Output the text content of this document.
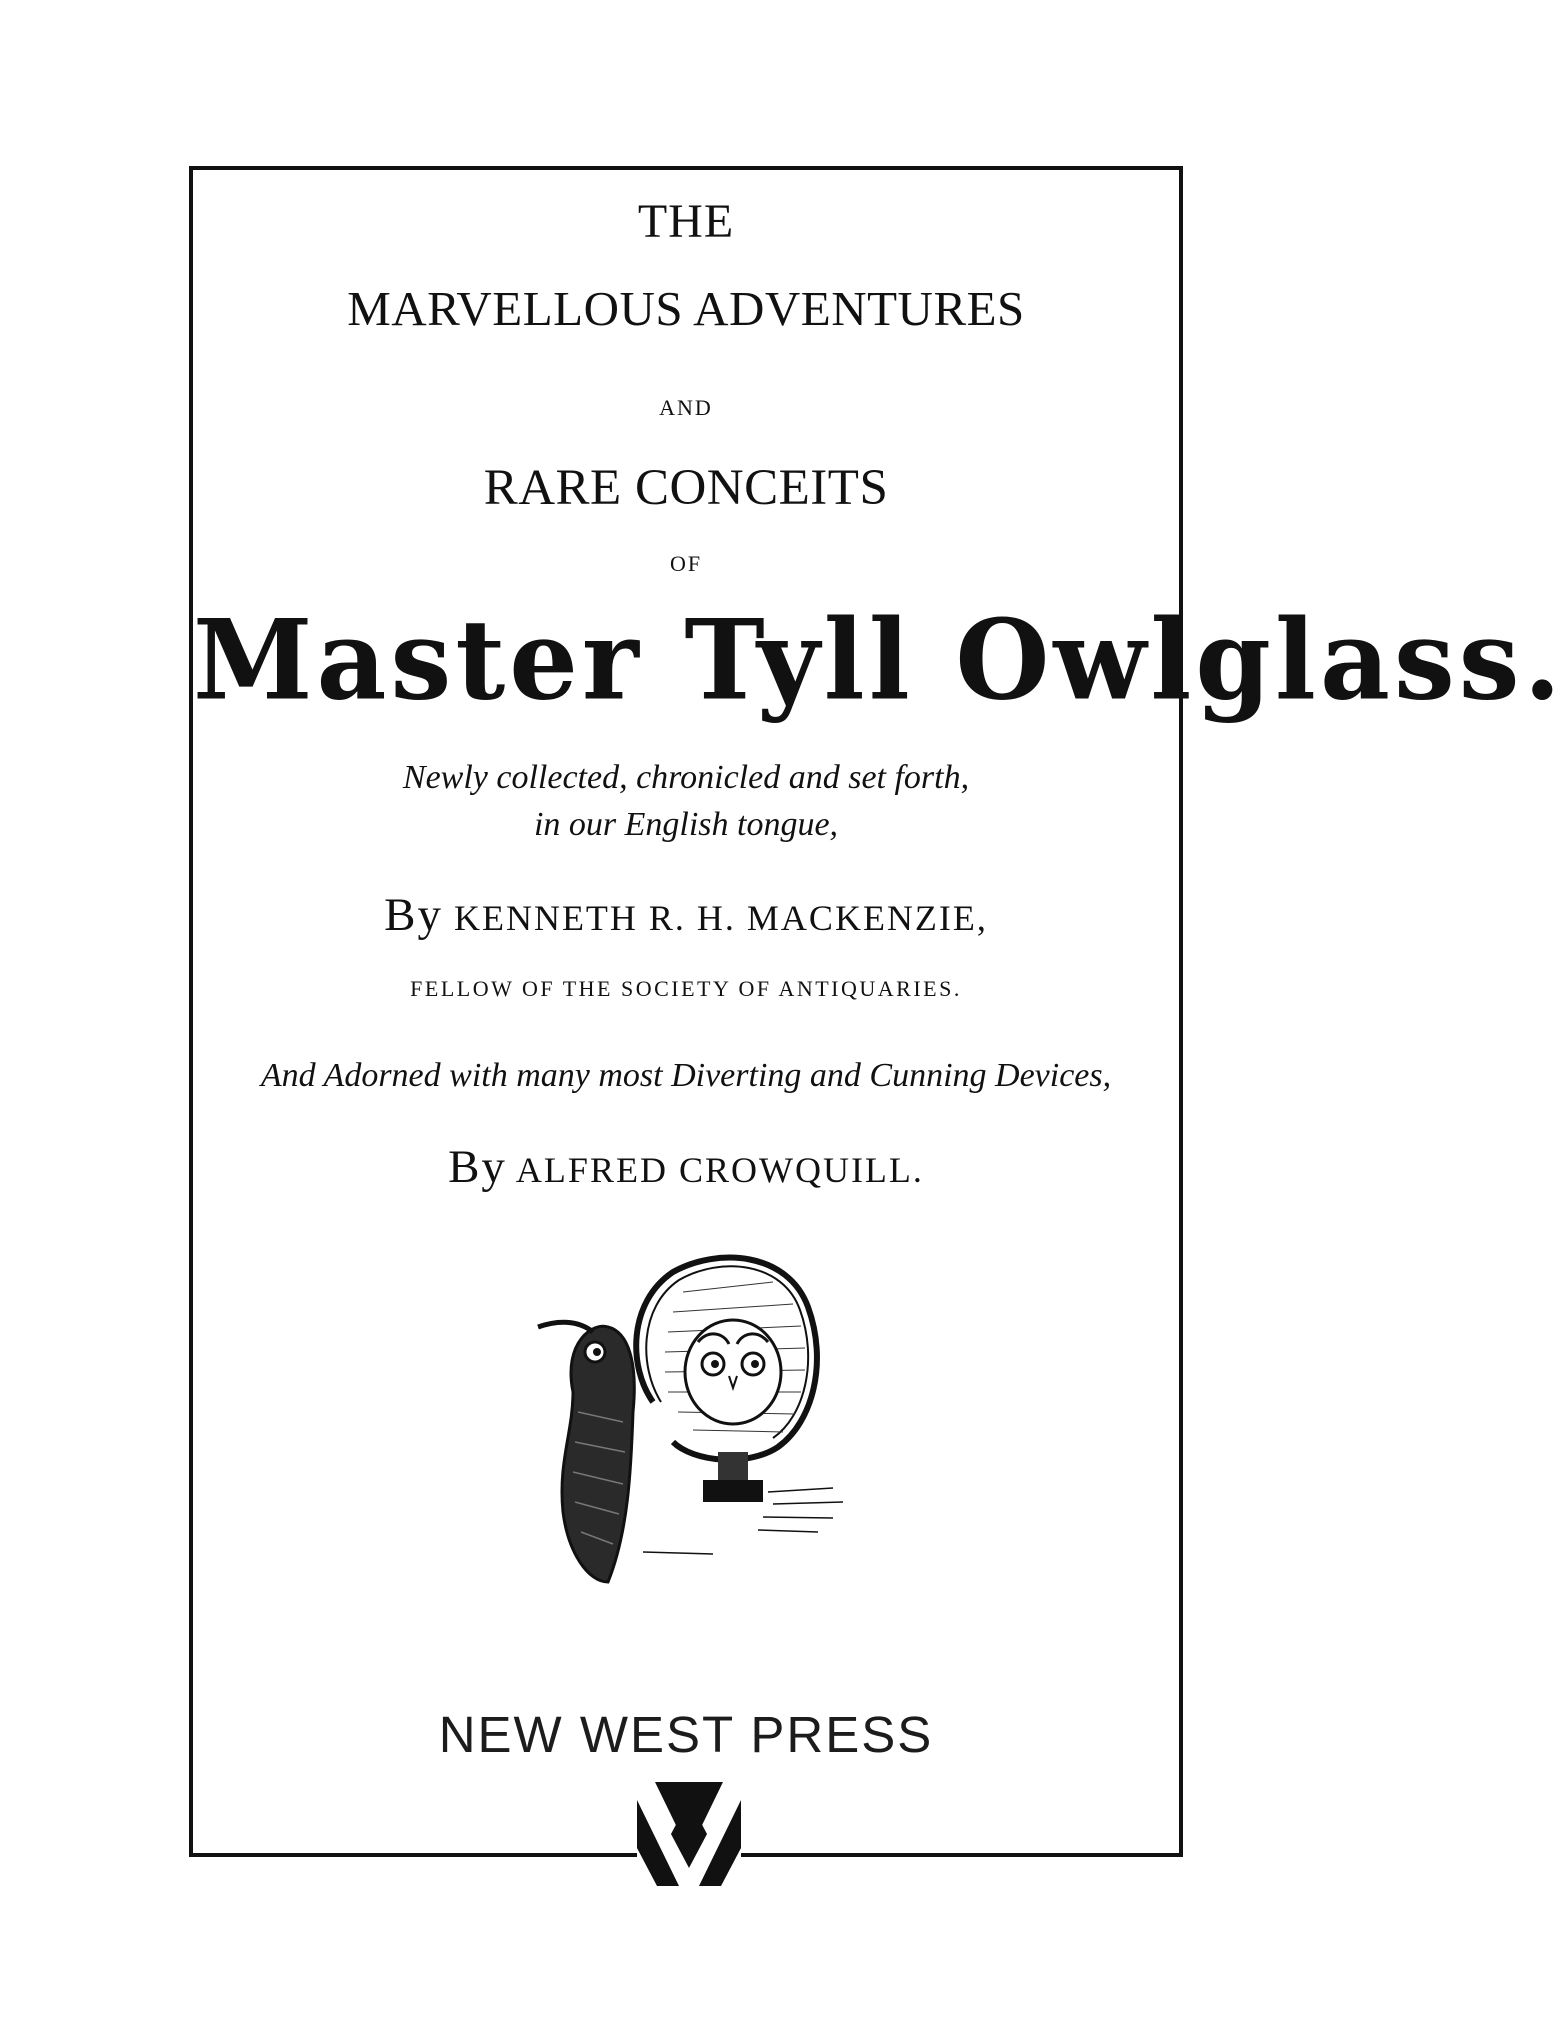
THE
MARVELLOUS ADVENTURES
AND
RARE CONCEITS
OF
Master Tyll Owlglass.
Newly collected, chronicled and set forth,
in our English tongue,
By KENNETH R. H. MACKENZIE,
FELLOW OF THE SOCIETY OF ANTIQUARIES.
And Adorned with many most Diverting and Cunning Devices,
By ALFRED CROWQUILL.
NEW WEST PRESS
